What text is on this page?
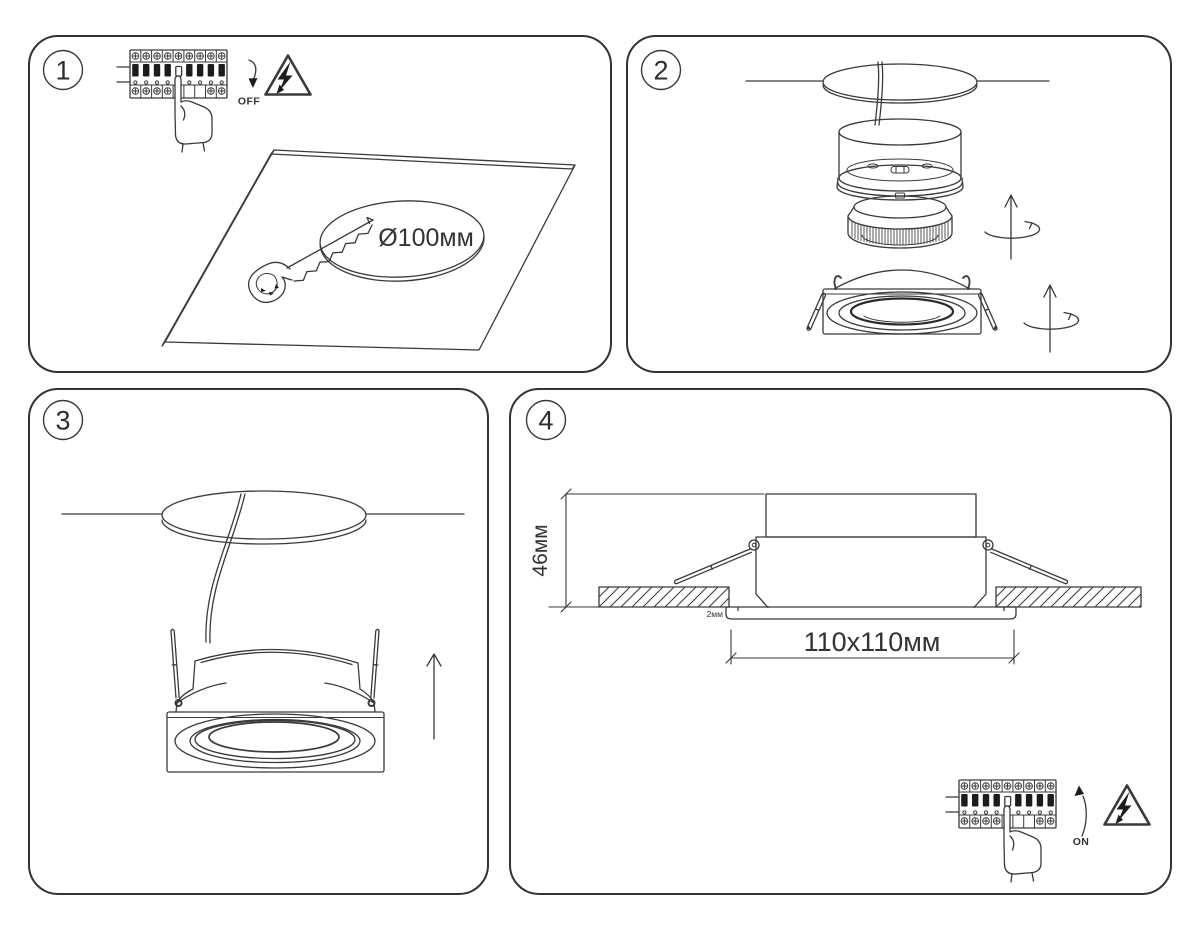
1
OFF
Ø100мм
2
3	4
46мм
2мм
110x110мм
ON
